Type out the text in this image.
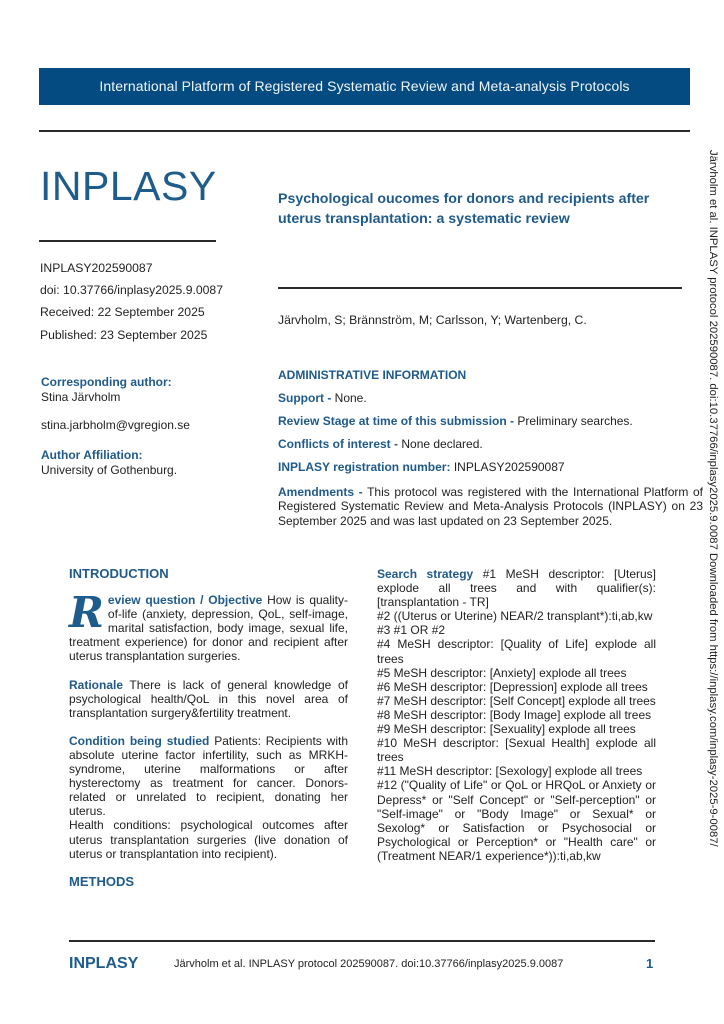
International Platform of Registered Systematic Review and Meta-analysis Protocols
INPLASY
INPLASY202590087
doi: 10.37766/inplasy2025.9.0087
Received: 22 September 2025
Published: 23 September 2025
Psychological oucomes for donors and recipients after uterus transplantation: a systematic review
Järvholm, S; Brännström, M; Carlsson, Y; Wartenberg, C.
Corresponding author:
Stina Järvholm
stina.jarbholm@vgregion.se
Author Affiliation:
University of Gothenburg.
ADMINISTRATIVE INFORMATION
Support - None.
Review Stage at time of this submission - Preliminary searches.
Conflicts of interest - None declared.
INPLASY registration number: INPLASY202590087
Amendments - This protocol was registered with the International Platform of Registered Systematic Review and Meta-Analysis Protocols (INPLASY) on 23 September 2025 and was last updated on 23 September 2025.
INTRODUCTION

Review question / Objective How is quality-of-life (anxiety, depression, QoL, self-image, marital satisfaction, body image, sexual life, treatment experience) for donor and recipient after uterus transplantation surgeries.

Rationale There is lack of general knowledge of psychological health/QoL in this novel area of transplantation surgery&fertility treatment.

Condition being studied Patients: Recipients with absolute uterine factor infertility, such as MRKH-syndrome, uterine malformations or after hysterectomy as treatment for cancer. Donors-related or unrelated to recipient, donating her uterus.

Health conditions: psychological outcomes after uterus transplantation surgeries (live donation of uterus or transplantation into recipient).

METHODS

Search strategy #1 MeSH descriptor: [Uterus] explode all trees and with qualifier(s): [transplantation - TR]

#2 ((Uterus or Uterine) NEAR/2 transplant*):ti,ab,kw

#3 #1 OR #2

#4 MeSH descriptor: [Quality of Life] explode all trees

#5 MeSH descriptor: [Anxiety] explode all trees

#6 MeSH descriptor: [Depression] explode all trees

#7 MeSH descriptor: [Self Concept] explode all trees

#8 MeSH descriptor: [Body Image] explode all trees

#9 MeSH descriptor: [Sexuality] explode all trees

#10 MeSH descriptor: [Sexual Health] explode all trees

#11 MeSH descriptor: [Sexology] explode all trees

#12 ("Quality of Life" or QoL or HRQoL or Anxiety or Depress* or "Self Concept" or "Self-perception" or "Self-image" or "Body Image" or Sexual* or Sexolog* or Satisfaction or Psychosocial or Psychological or Perception* or "Health care" or (Treatment NEAR/1 experience*)):ti,ab,kw

INPLASY	Järvholm et al. INPLASY protocol 202590087. doi:10.37766/inplasy2025.9.0087	1
Järvholm et al. INPLASY protocol 202590087. doi:10.37766/inplasy2025.9.0087 Downloaded from https://inplasy.com/inplasy-2025-9-0087/
